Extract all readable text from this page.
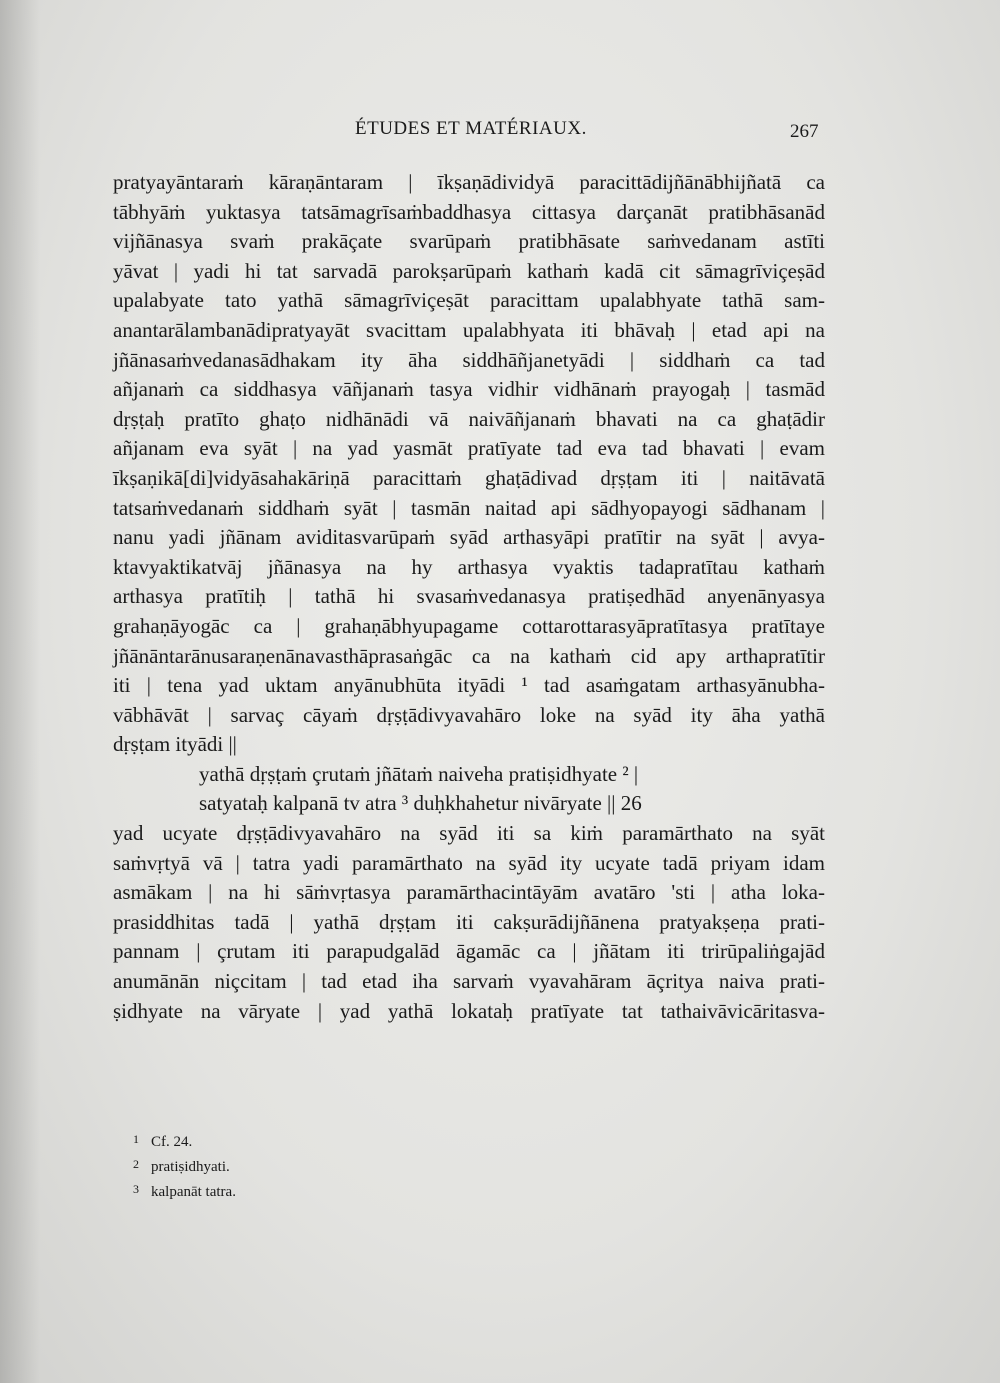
ÉTUDES ET MATÉRIAUX.	267
pratyayāntaraṁ kāraṇāntaram | īkṣaṇādividyā paracittādijñānābhijñatā ca
tābhyāṁ yuktasya tatsāmagrīsaṁbaddhasya cittasya darçanāt pratibhāsanād
vijñānasya svaṁ prakāçate svarūpaṁ pratibhāsate saṁvedanam astīti
yāvat | yadi hi tat sarvadā parokṣarūpaṁ kathaṁ kadā cit sāmagrīviçeṣād
upalabyate tato yathā sāmagrīviçeṣāt paracittam upalabhyate tathā sam-
anantarālambanādipratyayāt svacittam upalabhyata iti bhāvaḥ | etad api na
jñānasaṁvedanasādhakam ity āha siddhāñjanetyādi | siddhaṁ ca tad
añjanaṁ ca siddhasya vāñjanaṁ tasya vidhir vidhānaṁ prayogaḥ | tasmād
dṛṣṭaḥ pratīto ghaṭo nidhānādi vā naivāñjanaṁ bhavati na ca ghaṭādir
añjanam eva syāt | na yad yasmāt pratīyate tad eva tad bhavati | evam
īkṣaṇikā[di]vidyāsahakāriṇā paracittaṁ ghaṭādivad dṛṣṭam iti | naitāvatā
tatsaṁvedanaṁ siddhaṁ syāt | tasmān naitad api sādhyopayogi sādhanam |
nanu yadi jñānam aviditasvarūpaṁ syād arthasyāpi pratītir na syāt | avya-
ktavyaktikatvāj jñānasya na hy arthasya vyaktis tadapratītau kathaṁ
arthasya pratītiḥ | tathā hi svasaṁvedanasya pratiṣedhād anyenānyasya
grahaṇāyogāc ca | grahaṇābhyupagame cottarottarasyāpratītasya pratītaye
jñānāntarānusaraṇenānavasthāprasaṅgāc ca na kathaṁ cid apy arthapratītir
iti | tena yad uktam anyānubhūta ityādi ¹ tad asaṁgatam arthasyānubha-
vābhāvāt | sarvaç cāyaṁ dṛṣṭādivyavahāro loke na syād ity āha yathā
dṛṣṭam ityādi ||
yathā dṛṣṭaṁ çrutaṁ jñātaṁ naiveha pratiṣidhyate ² |
satyataḥ kalpanā tv atra ³ duḥkhahetur nivāryate || 26
yad ucyate dṛṣṭādivyavahāro na syād iti sa kiṁ paramārthato na syāt
saṁvṛtyā vā | tatra yadi paramārthato na syād ity ucyate tadā priyam idam
asmākam | na hi sāṁvṛtasya paramārthacintāyām avatāro 'sti | atha loka-
prasiddhitas tadā | yathā dṛṣṭam iti cakṣurādijñānena pratyakṣeṇa prati-
pannam | çrutam iti parapudgalād āgamāc ca | jñātam iti trirūpaliṅgajād
anumānān niçcitam | tad etad iha sarvaṁ vyavahāram āçritya naiva prati-
ṣidhyate na vāryate | yad yathā lokataḥ pratīyate tat tathaivāvicāritasva-
1 Cf. 24.
2 pratiṣidhyati.
3 kalpanāt tatra.
